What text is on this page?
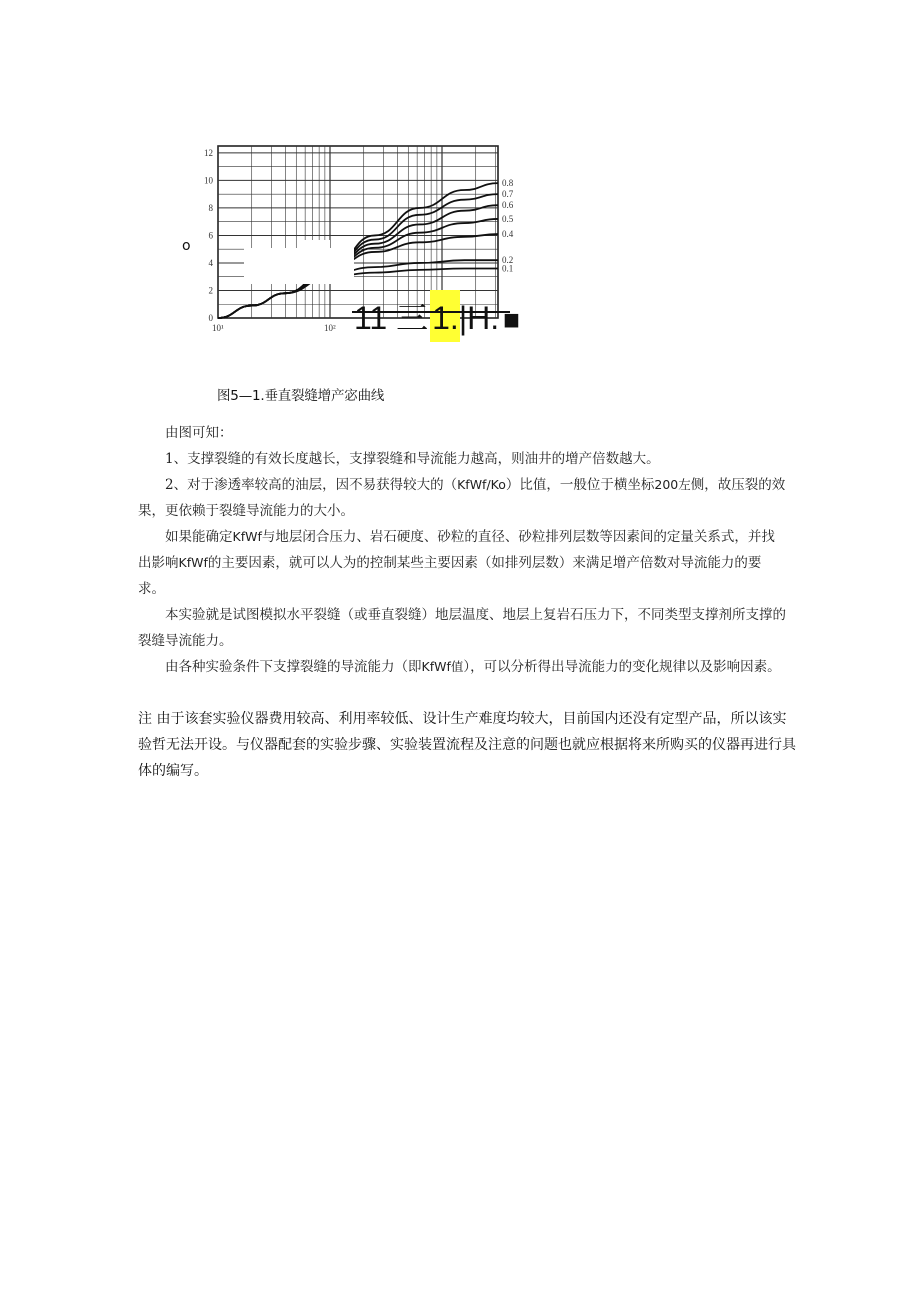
o
0
2
4
6
8
10
12
10¹	10²
0.8
0.7
0.6
0.5
0.4
0.2
0.1
11 三 1.|H. ■
图5—1.垂直裂缝增产宓曲线

由图可知：

1、支撑裂缝的有效长度越长，支撑裂缝和导流能力越高，则油井的增产倍数越大。

2、对于渗透率较高的油层，因不易获得较大的（KfWf/Ko）比值，一般位于横坐标200左侧，故压裂的效果，更依赖于裂缝导流能力的大小。

如果能确定KfWf与地层闭合压力、岩石硬度、砂粒的直径、砂粒排列层数等因素间的定量关系式，并找出影响KfWf的主要因素，就可以人为的控制某些主要因素（如排列层数）来满足增产倍数对导流能力的要求。

本实验就是试图模拟水平裂缝（或垂直裂缝）地层温度、地层上复岩石压力下，不同类型支撑剂所支撑的裂缝导流能力。

由各种实验条件下支撑裂缝的导流能力（即KfWf值），可以分析得出导流能力的变化规律以及影响因素。

注 由于该套实验仪器费用较高、利用率较低、设计生产难度均较大，目前国内还没有定型产品，所以该实验哲无法开设。与仪器配套的实验步骤、实验装置流程及注意的问题也就应根据将来所购买的仪器再进行具体的编写。
